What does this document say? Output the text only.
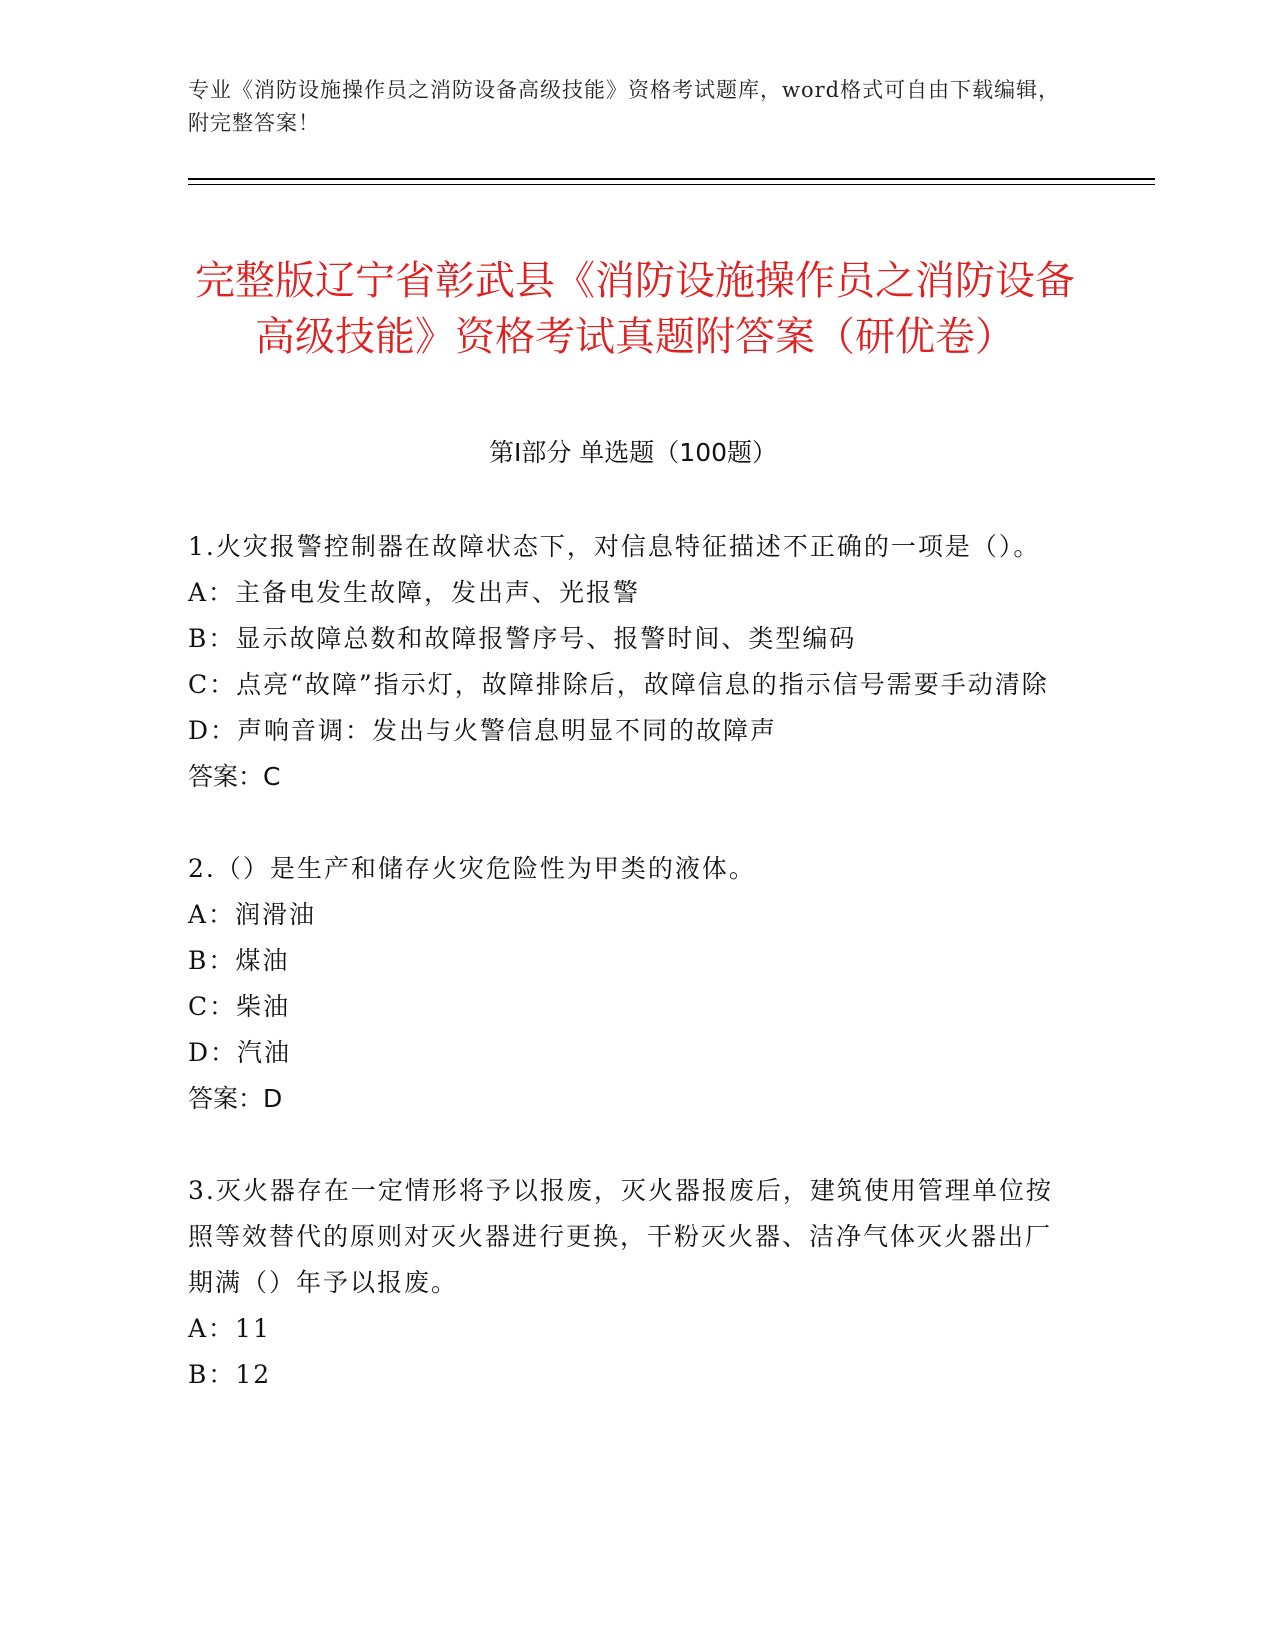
专业《消防设施操作员之消防设备高级技能》资格考试题库，word格式可自由下载编辑，附完整答案！
完整版辽宁省彰武县《消防设施操作员之消防设备高级技能》资格考试真题附答案（研优卷）
第Ⅰ部分 单选题（100题）
1.火灾报警控制器在故障状态下，对信息特征描述不正确的一项是（）。
A：主备电发生故障，发出声、光报警
B：显示故障总数和故障报警序号、报警时间、类型编码
C：点亮“故障”指示灯，故障排除后，故障信息的指示信号需要手动清除
D：声响音调：发出与火警信息明显不同的故障声
答案：C
2.（）是生产和储存火灾危险性为甲类的液体。
A：润滑油
B：煤油
C：柴油
D：汽油
答案：D
3.灭火器存在一定情形将予以报废，灭火器报废后，建筑使用管理单位按照等效替代的原则对灭火器进行更换，干粉灭火器、洁净气体灭火器出厂期满（）年予以报废。
A：11
B：12
